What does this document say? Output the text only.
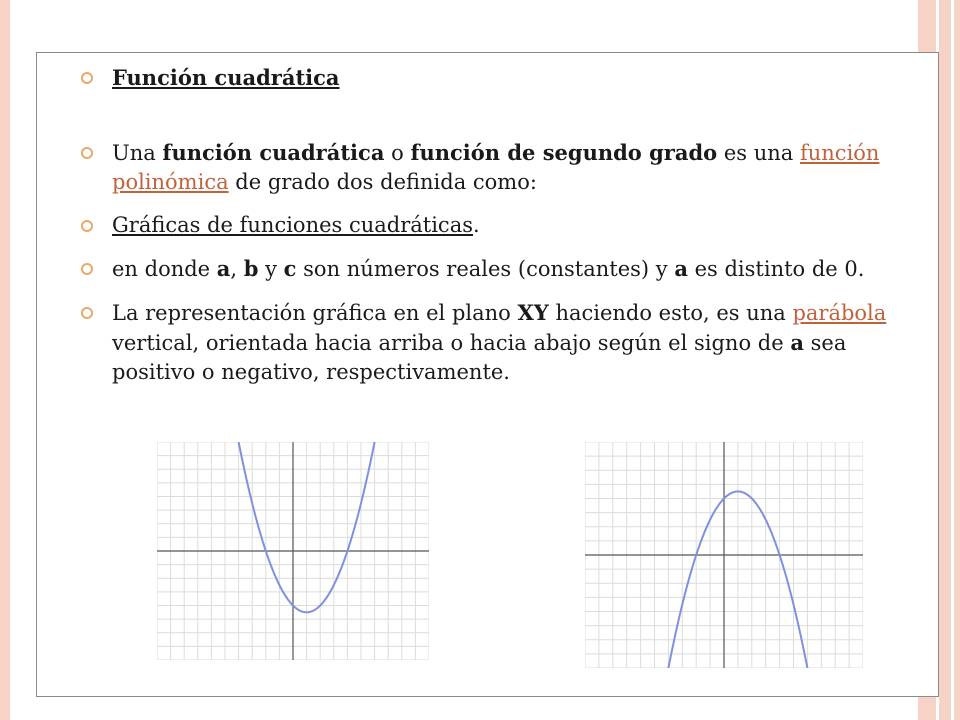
Función cuadrática
Una función cuadrática o función de segundo grado es una función polinómica de grado dos definida como:
Gráficas de funciones cuadráticas.
en donde a, b y c son números reales (constantes) y a es distinto de 0.
La representación gráfica en el plano XY haciendo esto, es una parábola vertical, orientada hacia arriba o hacia abajo según el signo de a sea positivo o negativo, respectivamente.
